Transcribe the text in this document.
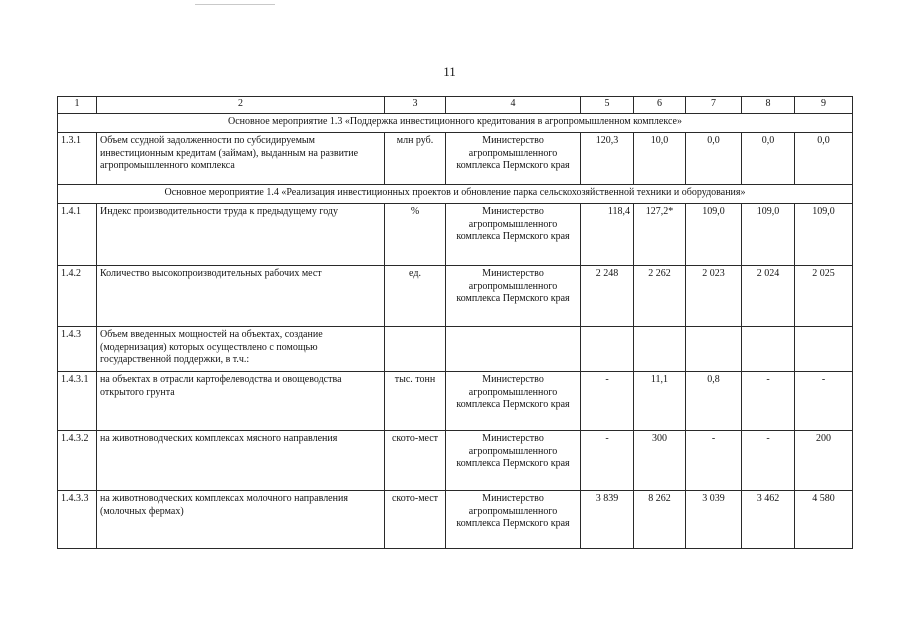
11
1	2	3	4	5	6	7	8	9
Основное мероприятие 1.3 «Поддержка инвестиционного кредитования в агропромышленном комплексе»								
1.3.1	Объем ссудной задолженности по субсидируемым инвестиционным кредитам (займам), выданным на развитие агропромышленного комплекса	млн руб.	Министерство агропромышленного комплекса Пермского края	120,3	10,0	0,0	0,0	0,0
Основное мероприятие 1.4 «Реализация инвестиционных проектов и обновление парка сельскохозяйственной техники и оборудования»								
1.4.1	Индекс производительности труда к предыдущему году	%	Министерство агропромышленного комплекса Пермского края	118,4	127,2*	109,0	109,0	109,0
1.4.2	Количество высокопроизводительных рабочих мест	ед.	Министерство агропромышленного комплекса Пермского края	2 248	2 262	2 023	2 024	2 025
1.4.3	Объем введенных мощностей на объектах, создание (модернизация) которых осуществлено с помощью государственной поддержки, в т.ч.:							
1.4.3.1	на объектах в отрасли картофелеводства и овощеводства открытого грунта	тыс. тонн	Министерство агропромышленного комплекса Пермского края	-	11,1	0,8	-	-
1.4.3.2	на животноводческих комплексах мясного направления	ското-мест	Министерство агропромышленного комплекса Пермского края	-	300	-	-	200
1.4.3.3	на животноводческих комплексах молочного направления (молочных фермах)	ското-мест	Министерство агропромышленного комплекса Пермского края	3 839	8 262	3 039	3 462	4 580
